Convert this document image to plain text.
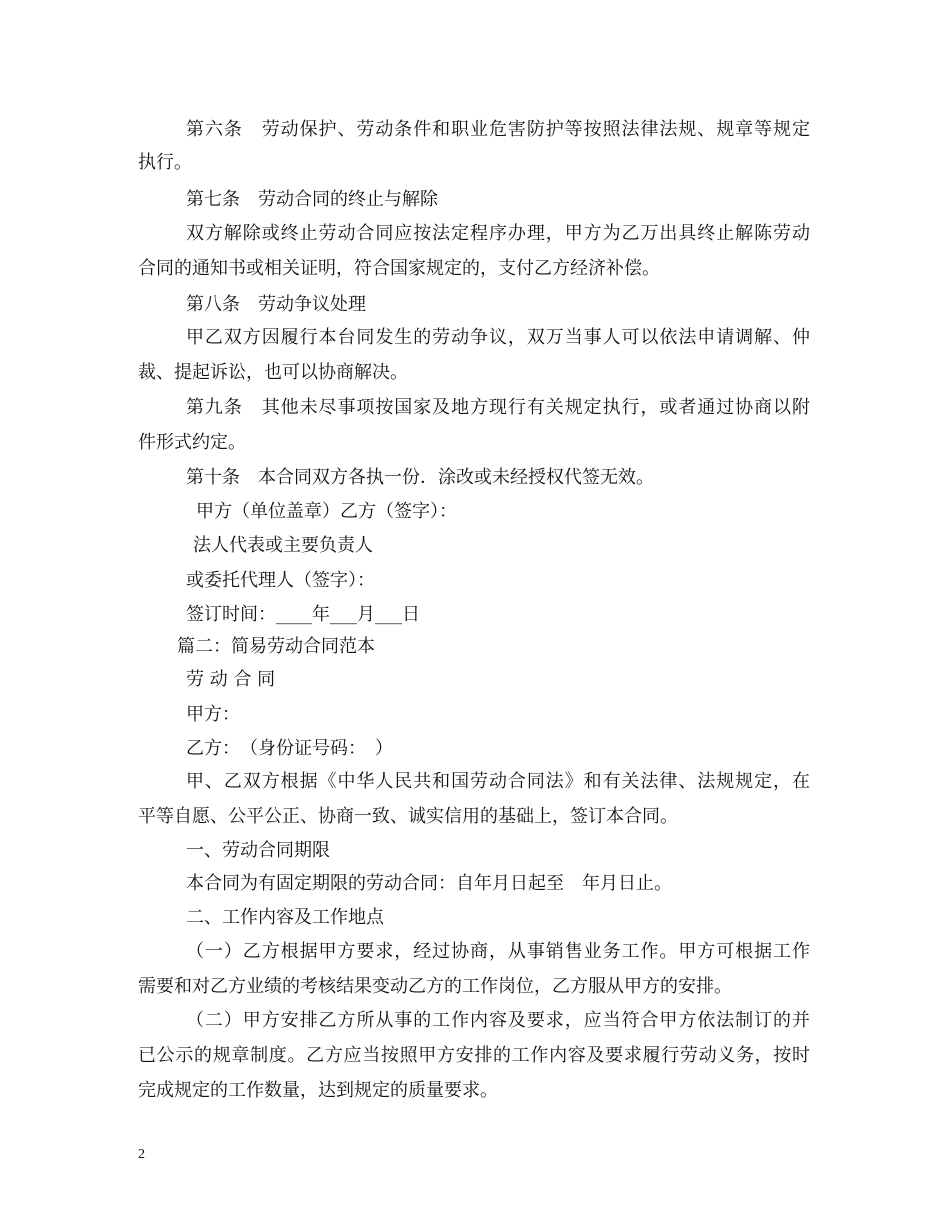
第六条　劳动保护、劳动条件和职业危害防护等按照法律法规、规章等规定
执行。
第七条　劳动合同的终止与解除
双方解除或终止劳动合同应按法定程序办理，甲方为乙万出具终止解陈劳动
合同的通知书或相关证明，符合国家规定的，支付乙方经济补偿。
第八条　劳动争议处理
甲乙双方因履行本台同发生的劳动争议，双万当事人可以依法申请调解、仲
裁、提起诉讼，也可以协商解决。
第九条　其他未尽事项按国家及地方现行有关规定执行，或者通过协商以附
件形式约定。
第十条　本合同双方各执一份．涂改或未经授权代签无效。
甲方（单位盖章）乙方（签字）：
法人代表或主要负责人
或委托代理人（签字）：
签订时间：____年___月___日
篇二：简易劳动合同范本
劳 动 合 同
甲方：
乙方：　（身份证号码：　）
甲、乙双方根据《中华人民共和国劳动合同法》和有关法律、法规规定，在
平等自愿、公平公正、协商一致、诚实信用的基础上，签订本合同。
一、劳动合同期限
本合同为有固定期限的劳动合同：自年月日起至　年月日止。
二、工作内容及工作地点
（一）乙方根据甲方要求，经过协商，从事销售业务工作。甲方可根据工作
需要和对乙方业绩的考核结果变动乙方的工作岗位，乙方服从甲方的安排。
（二）甲方安排乙方所从事的工作内容及要求，应当符合甲方依法制订的并
已公示的规章制度。乙方应当按照甲方安排的工作内容及要求履行劳动义务，按时
完成规定的工作数量，达到规定的质量要求。
2
